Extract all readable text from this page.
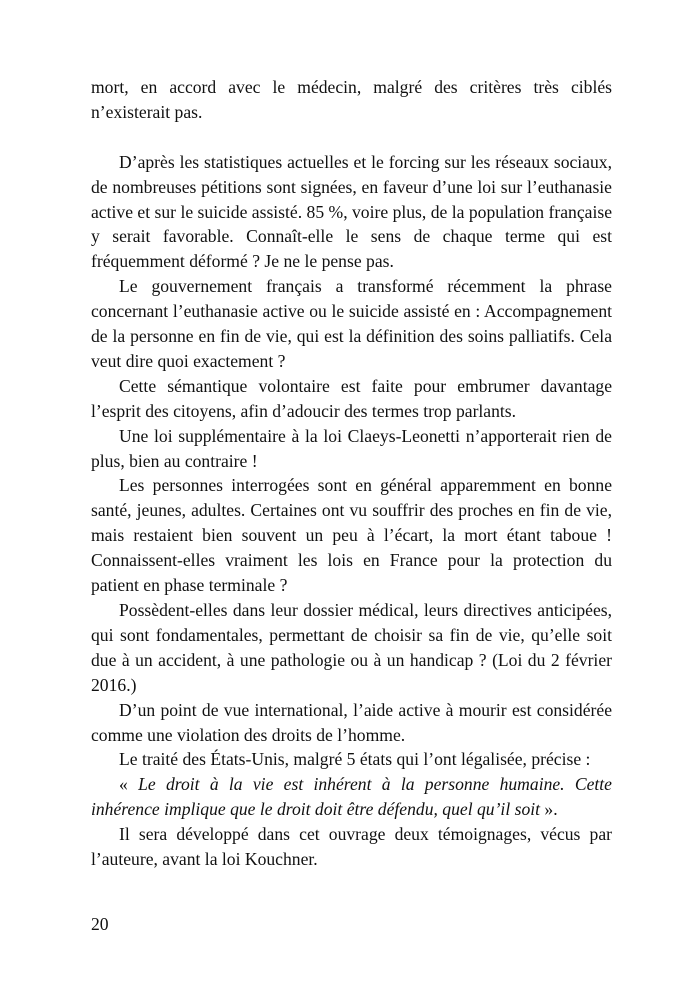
mort, en accord avec le médecin, malgré des critères très ciblés n’existerait pas.

D’après les statistiques actuelles et le forcing sur les réseaux sociaux, de nombreuses pétitions sont signées, en faveur d’une loi sur l’euthanasie active et sur le suicide assisté. 85 %, voire plus, de la population française y serait favorable. Connaît-elle le sens de chaque terme qui est fréquemment déformé ? Je ne le pense pas.

Le gouvernement français a transformé récemment la phrase concernant l’euthanasie active ou le suicide assisté en : Accompagnement de la personne en fin de vie, qui est la définition des soins palliatifs. Cela veut dire quoi exactement ?

Cette sémantique volontaire est faite pour embrumer davantage l’esprit des citoyens, afin d’adoucir des termes trop parlants.

Une loi supplémentaire à la loi Claeys-Leonetti n’apporterait rien de plus, bien au contraire !

Les personnes interrogées sont en général apparemment en bonne santé, jeunes, adultes. Certaines ont vu souffrir des proches en fin de vie, mais restaient bien souvent un peu à l’écart, la mort étant taboue ! Connaissent-elles vraiment les lois en France pour la protection du patient en phase terminale ?

Possèdent-elles dans leur dossier médical, leurs directives anticipées, qui sont fondamentales, permettant de choisir sa fin de vie, qu’elle soit due à un accident, à une pathologie ou à un handicap ? (Loi du 2 février 2016.)

D’un point de vue international, l’aide active à mourir est considérée comme une violation des droits de l’homme.

Le traité des États-Unis, malgré 5 états qui l’ont légalisée, précise :

« Le droit à la vie est inhérent à la personne humaine. Cette inhérence implique que le droit doit être défendu, quel qu’il soit ».

Il sera développé dans cet ouvrage deux témoignages, vécus par l’auteure, avant la loi Kouchner.

20
